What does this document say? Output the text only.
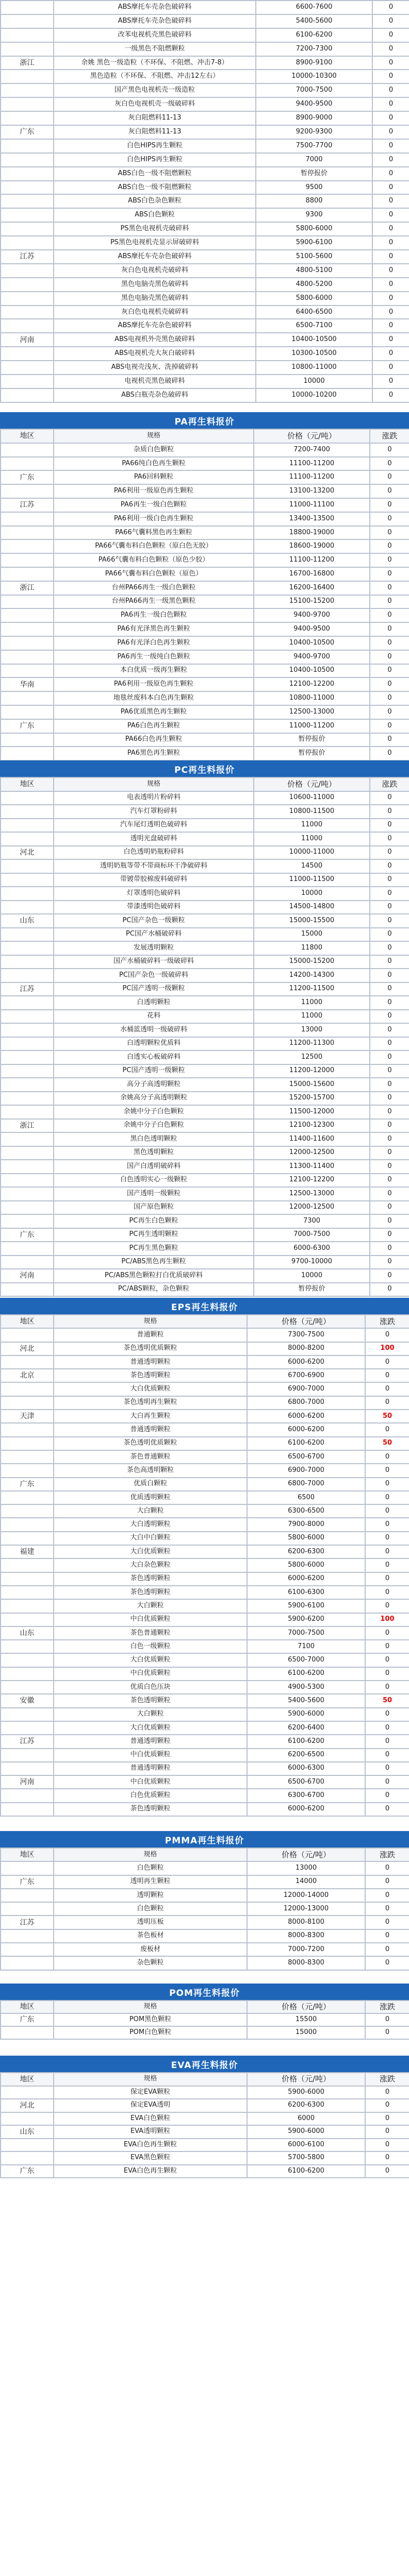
	ABS摩托车壳杂色破碎料	6600-7600	0
	ABS摩托车壳杂色破碎料	5400-5600	0
	改苯电视机壳黑色破碎料	6100-6200	0
	一级黑色不阻燃颗粒	7200-7300	0
浙江	余姚 黑色一级造粒（不环保、不阻燃、冲击7-8）	8900-9100	0
	黑色造粒（不环保、不阻燃、冲击12左右）	10000-10300	0
	国产黑色电视机壳一级造粒	7000-7500	0
	灰白色电视机壳一级破碎料	9400-9500	0
	灰白阻燃料11-13	8900-9000	0
广东	灰白阻燃料11-13	9200-9300	0
	白色HIPS再生颗粒	7500-7700	0
	白色HIPS再生颗粒	7000	0
	ABS白色一级不阻燃颗粒	暂停报价	0
	ABS白色一级不阻燃颗粒	9500	0
	ABS白色杂色颗粒	8800	0
	ABS白色颗粒	9300	0
	PS黑色电视机壳破碎料	5800-6000	0
	PS黑色电视机壳显示屏破碎料	5900-6100	0
江苏	ABS摩托车壳杂色破碎料	5100-5600	0
	灰白色电视机壳破碎料	4800-5100	0
	黑色电脑壳黑色破碎料	4800-5200	0
	黑色电脑壳黑色破碎料	5800-6000	0
	灰白色电视机壳破碎料	6400-6500	0
	ABS摩托车壳杂色破碎料	6500-7100	0
河南	ABS电视机外壳黑色破碎料	10400-10500	0
	ABS电视机壳大灰白破碎料	10300-10500	0
	ABS电视壳浅灰、洗掉破碎料	10800-11000	0
	电视机壳黑色破碎料	10000	0
	ABS白瓶壳杂色破碎料	10000-10200	0
PA再生料报价
地区	规格	价格（元/吨）	涨跌
	杂质白色颗粒	7200-7400	0
	PA66纯白色再生颗粒	11100-11200	0
广东	PA6回料颗粒	11100-11200	0
	PA6利用一级原色再生颗粒	13100-13200	0
江苏	PA6再生一级白色颗粒	11000-11100	0
	PA6利用一级白色再生颗粒	13400-13500	0
	PA66气囊料黑色再生颗粒	18800-19000	0
	PA66气囊布料白色颗粒（原白色无胶）	18600-19000	0
	PA66气囊布料白色颗粒（原色少胶）	11100-11200	0
	PA66气囊布料白色颗粒（原色）	16700-16800	0
浙江	台州PA66再生一级白色颗粒	16200-16400	0
	台州PA66再生一级黑色颗粒	15100-15200	0
	PA6再生一级白色颗粒	9400-9700	0
	PA6有光泽黑色再生颗粒	9400-9500	0
	PA6有光泽白色再生颗粒	10400-10500	0
	PA6再生一级纯白色颗粒	9400-9700	0
	本白优质一级再生颗粒	10400-10500	0
华南	PA6利用一级原色再生颗粒	12100-12200	0
	地毯丝废料本白色再生颗粒	10800-11000	0
	PA6优质黑色再生颗粒	12500-13000	0
广东	PA6白色再生颗粒	11000-11200	0
	PA66白色再生颗粒	暂停报价	0
	PA6黑色再生颗粒	暂停报价	0
PC再生料报价
地区	规格	价格（元/吨）	涨跌
	电表透明片粉碎料	10600-11000	0
	汽车灯罩粉碎料	10800-11500	0
	汽车尾灯透明色破碎料	11000	0
	透明光盘破碎料	11000	0
河北	白色透明奶瓶粉碎料	10000-11000	0
	透明奶瓶等带不带商标环干净破碎料	14500	0
	带镀带胶棉废料破碎料	11000-11500	0
	灯罩透明色破碎料	10000	0
	带漆透明色破碎料	14500-14800	0
山东	PC国产杂色一级颗粒	15000-15500	0
	PC国产水桶破碎料	15000	0
	发展透明颗粒	11800	0
	国产水桶破碎料一级破碎料	15000-15200	0
	PC国产杂色一级破碎料	14200-14300	0
江苏	PC国产透明一级颗粒	11200-11500	0
	白透明颗粒	11000	0
	花料	11000	0
	水桶蓝透明一级破碎料	13000	0
	白透明颗粒优质料	11200-11300	0
	白透实心板破碎料	12500	0
	PC国产透明一级颗粒	11200-12000	0
	高分子高透明颗粒	15000-15600	0
	余姚高分子高透明颗粒	15200-15700	0
	余姚中分子白色颗粒	11500-12000	0
浙江	余姚中分子白色颗粒	12100-12300	0
	黑白色透明颗粒	11400-11600	0
	黑色透明颗粒	12000-12500	0
	国产白透明破碎料	11300-11400	0
	白色透明实心一级颗粒	12100-12200	0
	国产透明一级颗粒	12500-13000	0
	国产原色颗粒	12000-12500	0
	PC再生白色颗粒	7300	0
广东	PC再生透明颗粒	7000-7500	0
	PC再生黑色颗粒	6000-6300	0
	PC/ABS黑色再生颗粒	9700-10000	0
河南	PC/ABS黑色颗粒打白优质破碎料	10000	0
	PC/ABS颗粒，杂色颗粒	暂停报价	0
EPS再生料报价
地区	规格	价格（元/吨）	涨跌
	普通颗粒	7300-7500	0
河北	茶色透明优质颗粒	8000-8200	100
	普通透明颗粒	6000-6200	0
北京	茶色透明颗粒	6700-6900	0
	大白优质颗粒	6900-7000	0
	茶色透明再生颗粒	6800-7000	0
天津	大白再生颗粒	6000-6200	50
	普通透明颗粒	6000-6200	0
	茶色透明优质颗粒	6100-6200	50
	茶色普通颗粒	6500-6700	0
	茶色高透明颗粒	6900-7000	0
广东	优质白颗粒	6800-7000	0
	优质透明颗粒	6500	0
	大白颗粒	6300-6500	0
	大白透明颗粒	7900-8000	0
	大白中白颗粒	5800-6000	0
福建	大白优质颗粒	6200-6300	0
	大白杂色颗粒	5800-6000	0
	茶色透明颗粒	6000-6200	0
	茶色透明颗粒	6100-6300	0
	大白颗粒	5900-6100	0
	中白优质颗粒	5900-6200	100
山东	茶色普通颗粒	7000-7500	0
	白色一级颗粒	7100	0
	大白优质颗粒	6500-7000	0
	中白优质颗粒	6100-6200	0
	优质白色压块	4900-5300	0
安徽	茶色透明颗粒	5400-5600	50
	大白颗粒	5900-6000	0
	大白优质颗粒	6200-6400	0
江苏	普通透明颗粒	6100-6200	0
	中白优质颗粒	6200-6500	0
	普通透明颗粒	6000-6300	0
河南	中白优质颗粒	6500-6700	0
	白色优质颗粒	6300-6700	0
	茶色透明颗粒	6000-6200	0
PMMA再生料报价
地区	规格	价格（元/吨）	涨跌
	白色颗粒	13000	0
广东	透明再生颗粒	14000	0
	透明颗粒	12000-14000	0
	白色颗粒	12000-13000	0
江苏	透明压板	8000-8100	0
	茶色板材	8000-8300	0
	废板材	7000-7200	0
	杂色颗粒	8000-8300	0
POM再生料报价
地区	规格	价格（元/吨）	涨跌
广东	POM黑色颗粒	15500	0
	POM白色颗粒	15000	0
EVA再生料报价
地区	规格	价格（元/吨）	涨跌
	保定EVA颗粒	5900-6000	0
河北	保定EVA透明	6200-6300	0
	EVA白色颗粒	6000	0
山东	EVA透明颗粒	5900-6000	0
	EVA白色再生颗粒	6000-6100	0
	EVA黑色颗粒	5700-5800	0
广东	EVA白色再生颗粒	6100-6200	0
